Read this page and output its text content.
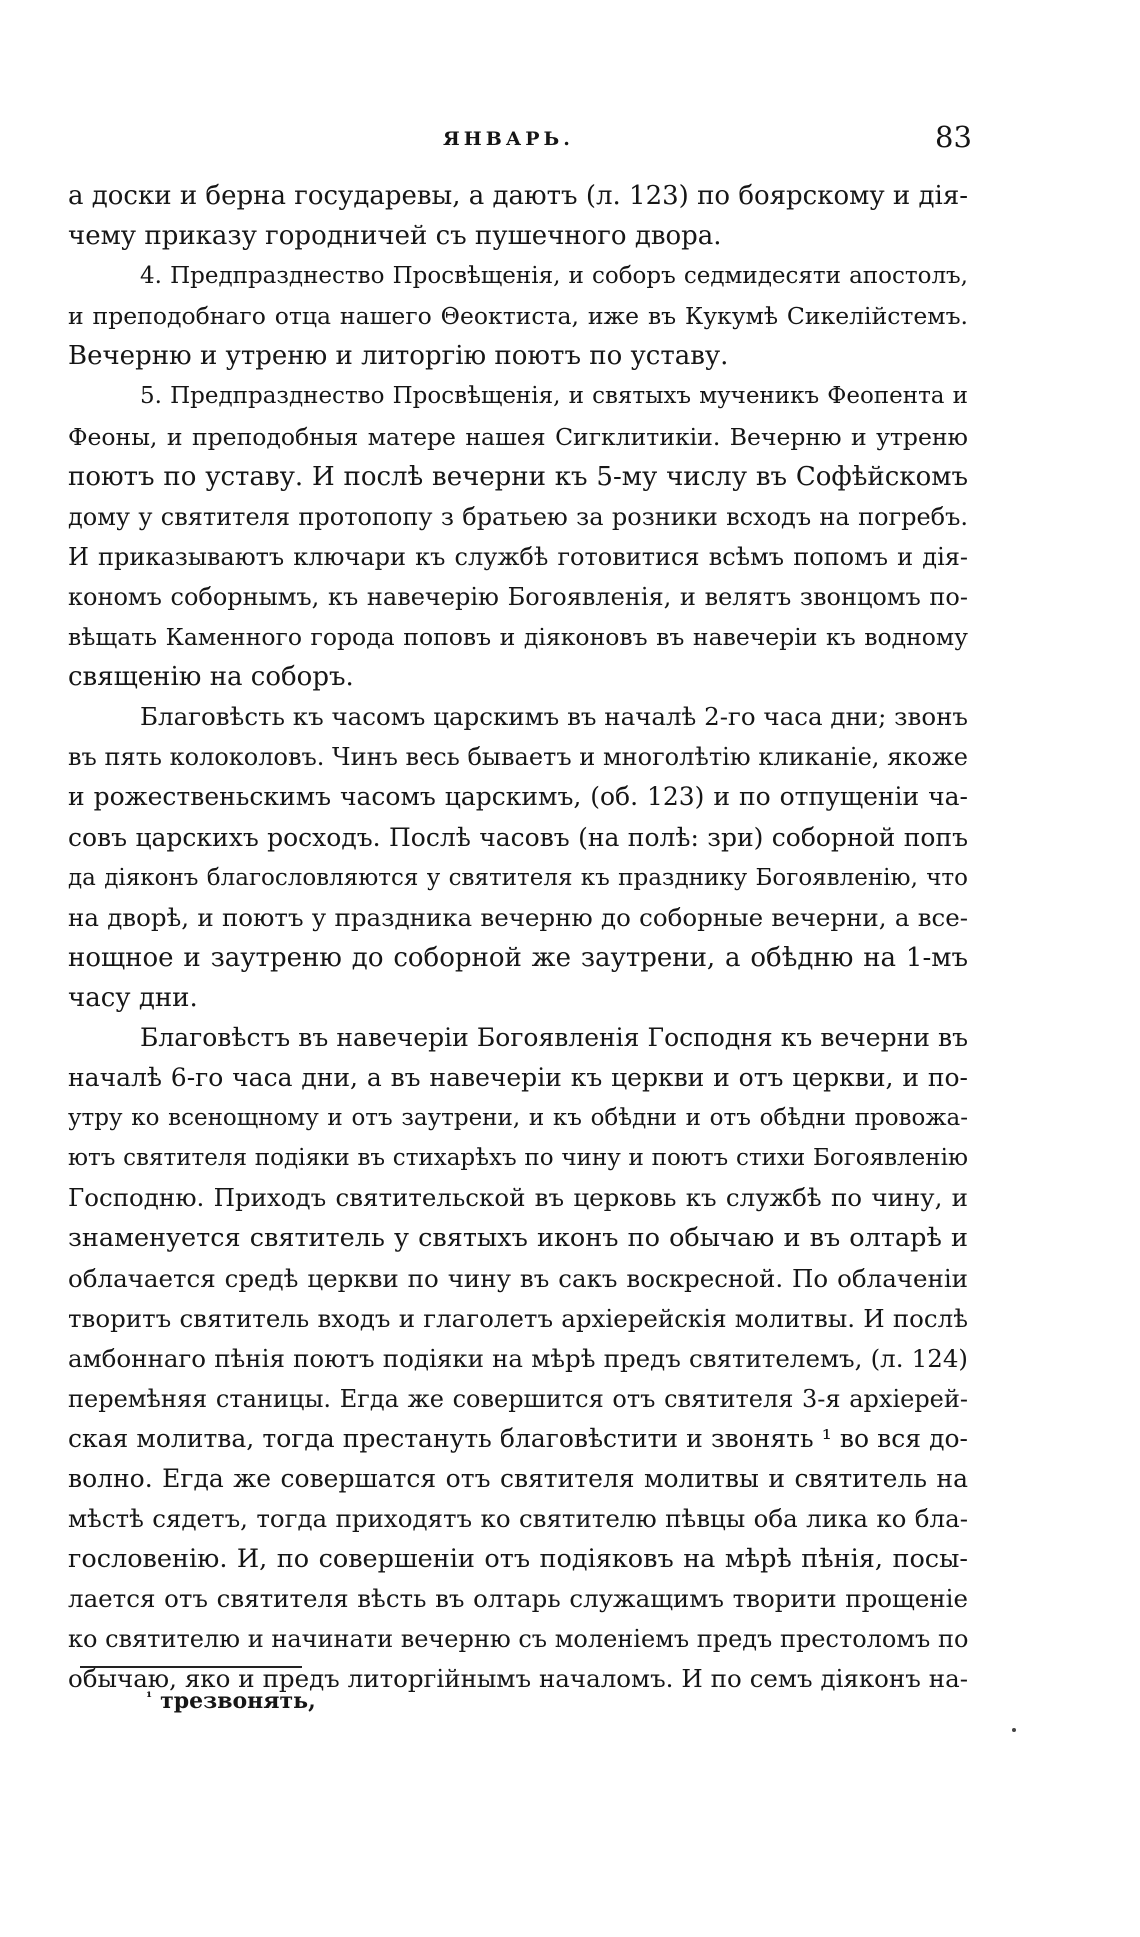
ЯНВАРЬ.	83
а доски и берна государевы, а даютъ (л. 123) по боярскому и дія-
чему приказу городничей съ пушечного двора.
4. Предпразднество Просвѣщенія, и соборъ седмидесяти апостолъ,
и преподобнаго отца нашего Θеоктиста, иже въ Кукумѣ Сикелійстемъ.
Вечерню и утреню и литоргію поютъ по уставу.
5. Предпразднество Просвѣщенія, и святыхъ мученикъ Феопента и
Феоны, и преподобныя матере нашея Сигклитикіи. Вечерню и утреню
поютъ по уставу. И послѣ вечерни къ 5-му числу въ Софѣйскомъ
дому у святителя протопопу з братьею за розники всходъ на погребъ.
И приказываютъ ключари къ службѣ готовитися всѣмъ попомъ и дія-
кономъ соборнымъ, къ навечерію Богоявленія, и велятъ звонцомъ по-
вѣщать Каменного города поповъ и дiяконовъ въ навечеріи къ водному
священію на соборъ.
Благовѣсть къ часомъ царскимъ въ началѣ 2-го часа дни; звонъ
въ пять колоколовъ. Чинъ весь бываетъ и многолѣтію кликаніе, якоже
и рожественьскимъ часомъ царскимъ, (об. 123) и по отпущеніи ча-
совъ царскихъ росходъ. Послѣ часовъ (на полѣ: зри) соборной попъ
да діяконъ благословляются у святителя къ празднику Богоявленію, что
на дворѣ, и поютъ у праздника вечерню до соборные вечерни, а все-
нощное и заутреню до соборной же заутрени, а обѣдню на 1-мъ
часу дни.
Благовѣстъ въ навечеріи Богоявленія Господня къ вечерни въ
началѣ 6-го часа дни, а въ навечеріи къ церкви и отъ церкви, и по-
утру ко всенощному и отъ заутрени, и къ обѣдни и отъ обѣдни провожа-
ютъ святителя подіяки въ стихарѣхъ по чину и поютъ стихи Богоявленію
Господню. Приходъ святительской въ церковь къ службѣ по чину, и
знаменуется святитель у святыхъ иконъ по обычаю и въ олтарѣ и
облачается средѣ церкви по чину въ сакъ воскресной. По облаченіи
творитъ святитель входъ и глаголетъ архіерейскія молитвы. И послѣ
амбоннаго пѣнія поютъ подіяки на мѣрѣ предъ святителемъ, (л. 124)
перемѣняя станицы. Егда же совершится отъ святителя 3-я архіерей-
ская молитва, тогда престануть благовѣстити и звонять ¹ во вся до-
волно. Егда же совершатся отъ святителя молитвы и святитель на
мѣстѣ сядетъ, тогда приходятъ ко святителю пѣвцы оба лика ко бла-
гословенію. И, по совершеніи отъ подіяковъ на мѣрѣ пѣнія, посы-
лается отъ святителя вѣсть въ олтарь служащимъ творити прощеніе
ко святителю и начинати вечерню съ моленіемъ предъ престоломъ по
обычаю, яко и предъ литоргійнымъ началомъ. И по семъ діяконъ на-
$^{^1}$ трезвонять,
